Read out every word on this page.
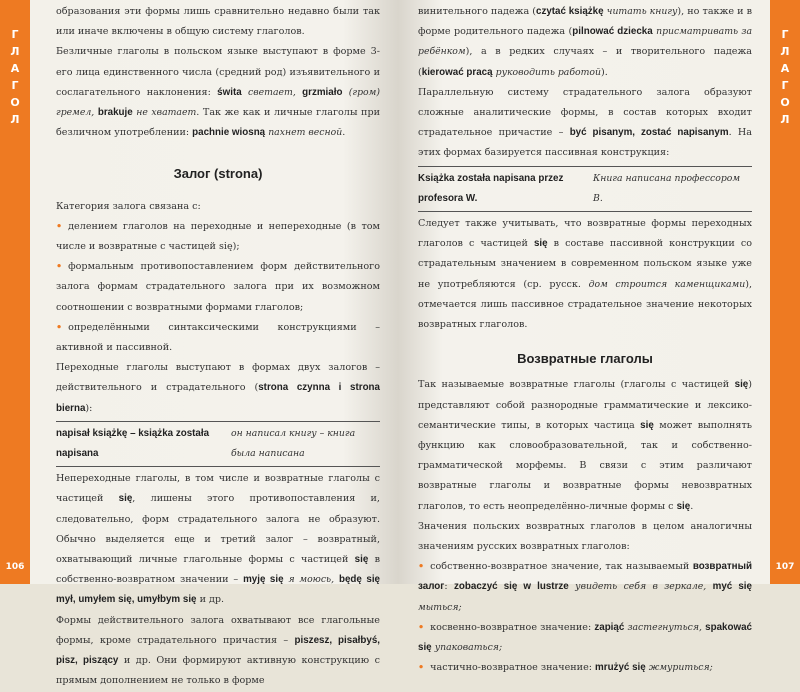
ГЛАГОЛ
106

образования эти формы лишь сравнительно недавно были так или иначе включены в общую систему глаголов.

Безличные глаголы в польском языке выступают в форме 3-его лица единственного числа (средний род) изъявительного и сослагательного наклонения: świta светает, grzmiało (гром) гремел, brakuje не хватает. Так же как и личные глаголы при безличном употреблении: pachnie wiosną пахнет весной.

Залог (strona)

Категория залога связана с:

• делением глаголов на переходные и непереходные (в том числе и возвратные с частицей się);

• формальным противопоставлением форм действительного залога формам страдательного залога при их возможном соотношении с возвратными формами глаголов;

• определёнными синтаксическими конструкциями – активной и пассивной.

Переходные глаголы выступают в формах двух залогов – действительного и страдательного (strona czynna i strona bierna):

napisał książkę – książka została napisana
он написал книгу – книга была написана

Непереходные глаголы, в том числе и возвратные глаголы с частицей się, лишены этого противопоставления и, следовательно, форм страдательного залога не образуют. Обычно выделяется еще и третий залог – возвратный, охватывающий личные глагольные формы с частицей się в собственно-возвратном значении – myję się я моюсь, będę się mył, umyłem się, umyłbym się и др.

Формы действительного залога охватывают все глагольные формы, кроме страдательного причастия – piszesz, pisałbyś, pisz, piszący и др. Они формируют активную конструкцию с прямым дополнением не только в форме

винительного падежа (czytać książkę читать книгу), но также и в форме родительного падежа (pilnować dziecka присматривать за ребёнком), а в редких случаях – и творительного падежа (kierować pracą руководить работой).

Параллельную систему страдательного залога образуют сложные аналитические формы, в состав которых входит страдательное причастие – być pisanym, zostać napisanym. На этих формах базируется пассивная конструкция:

Książka została napisana przez profesora W.
Книга написана профессором В.

Следует также учитывать, что возвратные формы переходных глаголов с частицей się в составе пассивной конструкции со страдательным значением в современном польском языке уже не употребляются (ср. русск. дом строится каменщиками), отмечается лишь пассивное страдательное значение некоторых возвратных глаголов.

Возвратные глаголы

Так называемые возвратные глаголы (глаголы с частицей się) представляют собой разнородные грамматические и лексико-семантические типы, в которых частица się может выполнять функцию как словообразовательной, так и собственно-грамматической морфемы. В связи с этим различают возвратные глаголы и возвратные формы невозвратных глаголов, то есть неопределённо-личные формы с się.

Значения польских возвратных глаголов в целом аналогичны значениям русских возвратных глаголов:

• собственно-возвратное значение, так называемый возвратный залог: zobaczyć się w lustrze увидеть себя в зеркале, myć się мыться;

• косвенно-возвратное значение: zapiąć застегнуться, spakować się упаковаться;

• частично-возвратное значение: mrużyć się жмуриться;

ГЛАГОЛ
107
